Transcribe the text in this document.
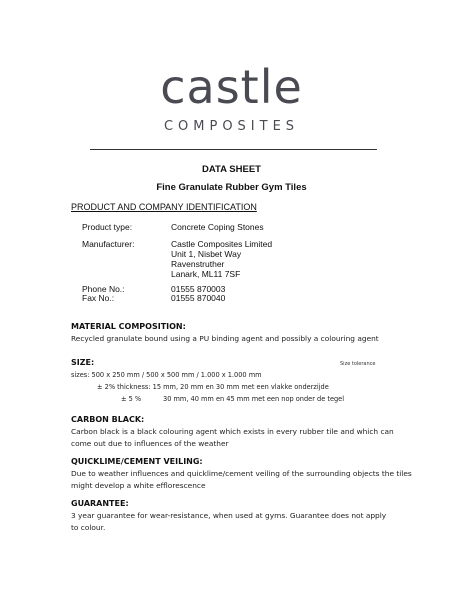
castle
COMPOSITES
DATA SHEET
Fine Granulate Rubber Gym Tiles
PRODUCT AND COMPANY IDENTIFICATION
Product type:	Concrete Coping Stones
Manufacturer:	Castle Composites Limited
Unit 1, Nisbet Way
Ravenstruther
Lanark, ML11 7SF
Phone No.:	01555 870003
Fax No.:	01555 870040
MATERIAL COMPOSITION:
Recycled granulate bound using a PU binding agent and possibly a colouring agent
SIZE:	Size tolerance
sizes: 500 x 250 mm / 500 x 500 mm / 1.000 x 1.000 mm
± 2% thickness: 15 mm, 20 mm en 30 mm met een vlakke onderzijde
± 5 %	30 mm, 40 mm en 45 mm met een nop onder de tegel
CARBON BLACK:
Carbon black is a black colouring agent which exists in every rubber tile and which can come out due to influences of the weather
QUICKLIME/CEMENT VEILING:
Due to weather influences and quicklime/cement veiling of the surrounding objects the tiles might develop a white efflorescence
GUARANTEE:
3 year guarantee for wear-resistance, when used at gyms. Guarantee does not apply to colour.
